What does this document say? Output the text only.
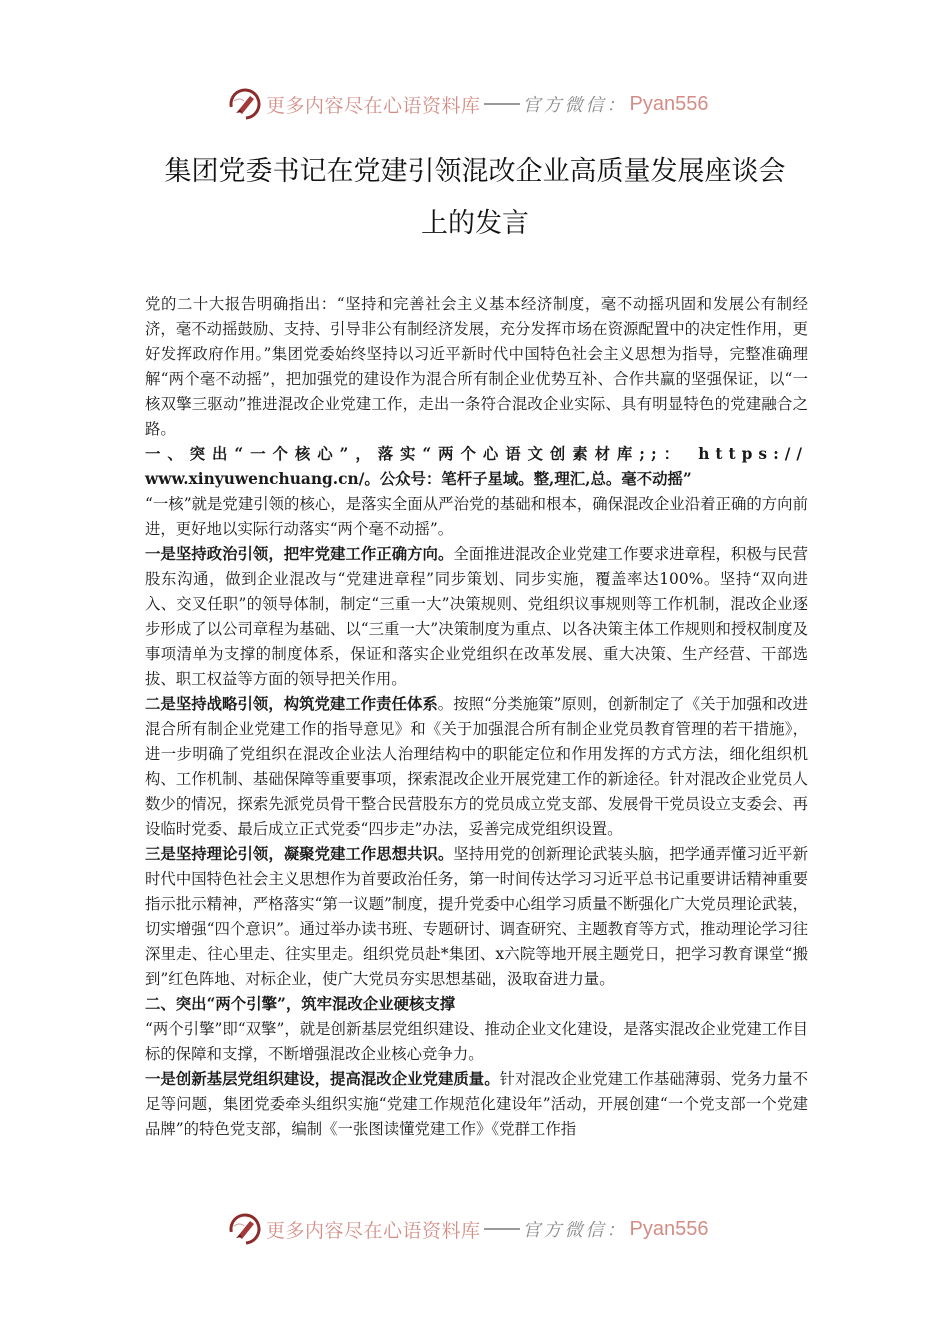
更多内容尽在心语资料库 官方微信： Pyan556
集团党委书记在党建引领混改企业高质量发展座谈会
上的发言

党的二十大报告明确指出：“坚持和完善社会主义基本经济制度，毫不动摇巩固和发展公有制经济，毫不动摇鼓励、支持、引导非公有制经济发展，充分发挥市场在资源配置中的决定性作用，更好发挥政府作用。”集团党委始终坚持以习近平新时代中国特色社会主义思想为指导，完整准确理解“两个毫不动摇”，把加强党的建设作为混合所有制企业优势互补、合作共赢的坚强保证，以“一核双擎三驱动”推进混改企业党建工作，走出一条符合混改企业实际、具有明显特色的党建融合之路。

一、突出“一个核心”，落实“两个心语文创素材库;;： https://

www.xinyuwenchuang.cn/。公众号：笔杆子星域。整,理汇,总。毫不动摇”

“一核”就是党建引领的核心，是落实全面从严治党的基础和根本，确保混改企业沿着正确的方向前进，更好地以实际行动落实“两个毫不动摇”。

一是坚持政治引领，把牢党建工作正确方向。全面推进混改企业党建工作要求进章程，积极与民营股东沟通，做到企业混改与“党建进章程”同步策划、同步实施，覆盖率达100%。坚持“双向进入、交叉任职”的领导体制，制定“三重一大”决策规则、党组织议事规则等工作机制，混改企业逐步形成了以公司章程为基础、以“三重一大”决策制度为重点、以各决策主体工作规则和授权制度及事项清单为支撑的制度体系，保证和落实企业党组织在改革发展、重大决策、生产经营、干部选拔、职工权益等方面的领导把关作用。

二是坚持战略引领，构筑党建工作责任体系。按照“分类施策”原则，创新制定了《关于加强和改进混合所有制企业党建工作的指导意见》和《关于加强混合所有制企业党员教育管理的若干措施》，进一步明确了党组织在混改企业法人治理结构中的职能定位和作用发挥的方式方法，细化组织机构、工作机制、基础保障等重要事项，探索混改企业开展党建工作的新途径。针对混改企业党员人数少的情况，探索先派党员骨干整合民营股东方的党员成立党支部、发展骨干党员设立支委会、再设临时党委、最后成立正式党委“四步走”办法，妥善完成党组织设置。

三是坚持理论引领，凝聚党建工作思想共识。坚持用党的创新理论武装头脑，把学通弄懂习近平新时代中国特色社会主义思想作为首要政治任务，第一时间传达学习习近平总书记重要讲话精神重要指示批示精神，严格落实“第一议题”制度，提升党委中心组学习质量不断强化广大党员理论武装，切实增强“四个意识”。通过举办读书班、专题研讨、调查研究、主题教育等方式，推动理论学习往深里走、往心里走、往实里走。组织党员赴*集团、x六院等地开展主题党日，把学习教育课堂“搬到”红色阵地、对标企业，使广大党员夯实思想基础，汲取奋进力量。

二、突出“两个引擎”，筑牢混改企业硬核支撑

“两个引擎”即“双擎”，就是创新基层党组织建设、推动企业文化建设，是落实混改企业党建工作目标的保障和支撑，不断增强混改企业核心竞争力。

一是创新基层党组织建设，提高混改企业党建质量。针对混改企业党建工作基础薄弱、党务力量不足等问题，集团党委牵头组织实施“党建工作规范化建设年”活动，开展创建“一个党支部一个党建品牌”的特色党支部，编制《一张图读懂党建工作》《党群工作指

更多内容尽在心语资料库 官方微信： Pyan556
